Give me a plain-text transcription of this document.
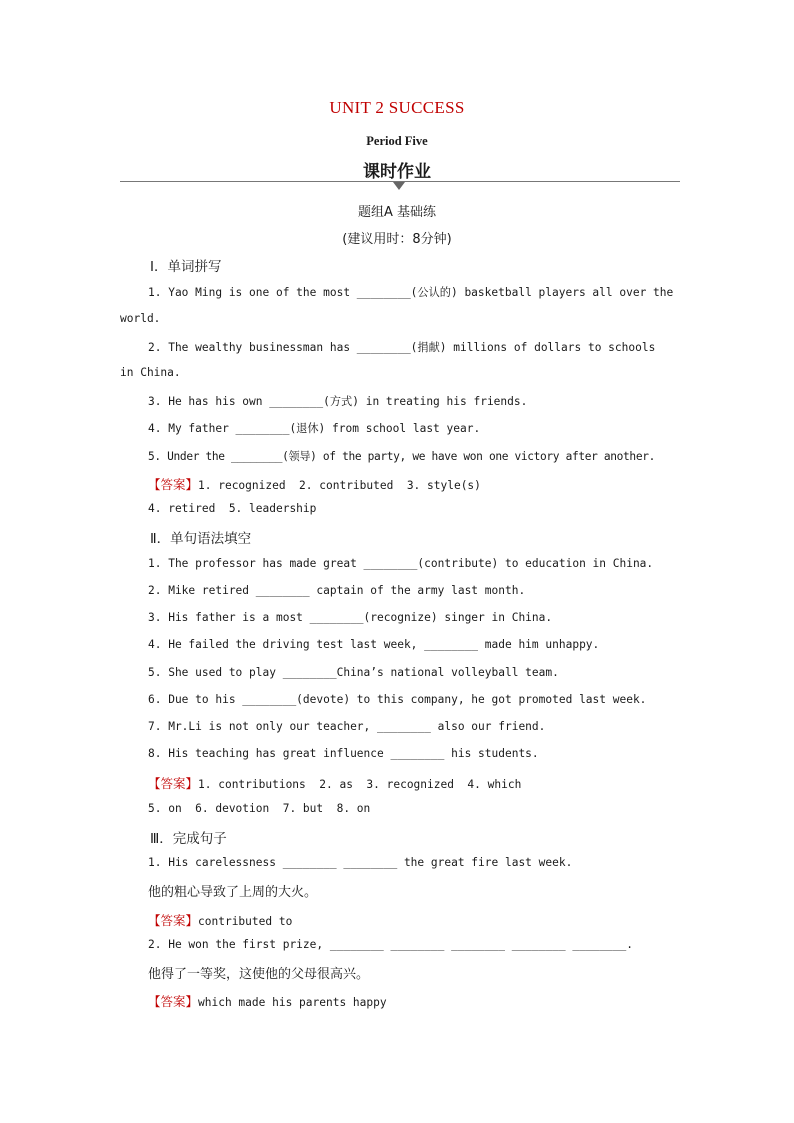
UNIT 2 SUCCESS
Period Five
课时作业
题组A 基础练
(建议用时：8分钟)
Ⅰ．单词拼写
1. Yao Ming is one of the most ________(公认的) basketball players all over the
world.
2. The wealthy businessman has ________(捐献) millions of dollars to schools
in China.
3. He has his own ________(方式) in treating his friends.
4. My father ________(退休) from school last year.
5. Under the ________(领导) of the party, we have won one victory after another.
【答案】1. recognized  2. contributed  3. style(s)
4. retired  5. leadership
Ⅱ．单句语法填空
1. The professor has made great ________(contribute) to education in China.
2. Mike retired ________ captain of the army last month.
3. His father is a most ________(recognize) singer in China.
4. He failed the driving test last week, ________ made him unhappy.
5. She used to play ________China’s national volleyball team.
6. Due to his ________(devote) to this company, he got promoted last week.
7. Mr.Li is not only our teacher, ________ also our friend.
8. His teaching has great influence ________ his students.
【答案】1. contributions  2. as  3. recognized  4. which
5. on  6. devotion  7. but  8. on
Ⅲ．完成句子
1. His carelessness ________ ________ the great fire last week.
他的粗心导致了上周的大火。
【答案】contributed to
2. He won the first prize, ________ ________ ________ ________ ________.
他得了一等奖，这使他的父母很高兴。
【答案】which made his parents happy
